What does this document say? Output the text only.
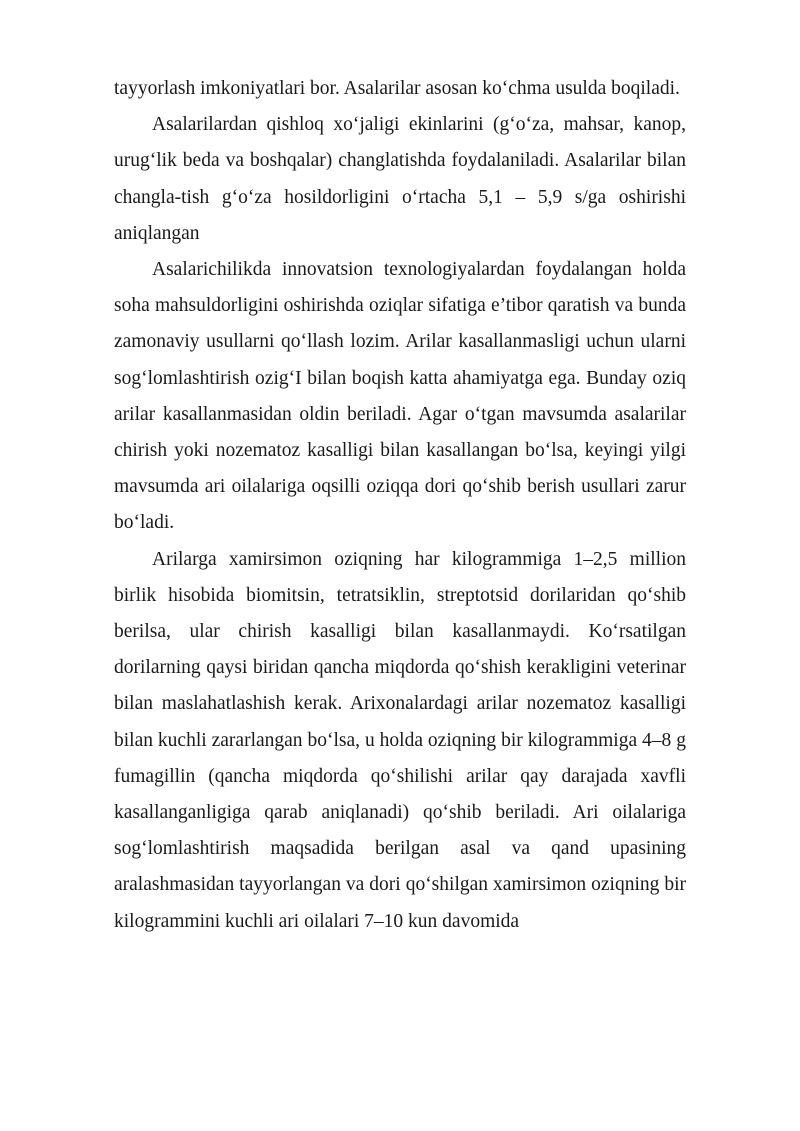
tayyorlash imkoniyatlari bor. Asalarilar asosan ko‘chma usulda boqiladi.

Asalarilardan qishloq xo‘jaligi ekinlarini (g‘o‘za, mahsar, kanop, urug‘lik beda va boshqalar) changlatishda foydalaniladi. Asalarilar bilan changla-tish g‘o‘za hosildorligini o‘rtacha 5,1 – 5,9 s/ga oshirishi aniqlangan

Asalarichilikda innovatsion texnologiyalardan foydalangan holda soha mahsuldorligini oshirishda oziqlar sifatiga e’tibor qaratish va bunda zamonaviy usullarni qo‘llash lozim. Arilar kasallanmasligi uchun ularni sog‘lomlashtirish ozig‘I bilan boqish katta ahamiyatga ega. Bunday oziq arilar kasallanmasidan oldin beriladi. Agar o‘tgan mavsumda asalarilar chirish yoki nozematoz kasalligi bilan kasallangan bo‘lsa, keyingi yilgi mavsumda ari oilalariga oqsilli oziqqa dori qo‘shib berish usullari zarur bo‘ladi.

Arilarga xamirsimon oziqning har kilogrammiga 1–2,5 million birlik hisobida biomitsin, tetratsiklin, streptotsid dorilaridan qo‘shib berilsa, ular chirish kasalligi bilan kasallanmaydi. Ko‘rsatilgan dorilarning qaysi biridan qancha miqdorda qo‘shish kerakligini veterinar bilan maslahatlashish kerak. Arixonalardagi arilar nozematoz kasalligi bilan kuchli zararlangan bo‘lsa, u holda oziqning bir kilogrammiga 4–8 g fumagillin (qancha miqdorda qo‘shilishi arilar qay darajada xavfli kasallanganligiga qarab aniqlanadi) qo‘shib beriladi. Ari oilalariga sog‘lomlashtirish maqsadida berilgan asal va qand upasining aralashmasidan tayyorlangan va dori qo‘shilgan xamirsimon oziqning bir kilogrammini kuchli ari oilalari 7–10 kun davomida
